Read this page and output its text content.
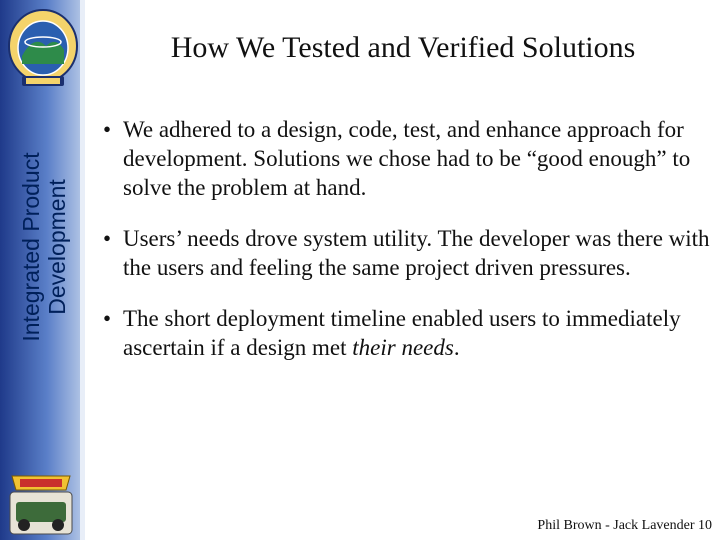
Integrated Product Development
How We Tested and Verified Solutions
• We adhered to a design, code, test, and enhance approach for development. Solutions we chose had to be “good enough” to solve the problem at hand.
• Users’ needs drove system utility. The developer was there with the users and feeling the same project driven pressures.
• The short deployment timeline enabled users to immediately ascertain if a design met their needs.
Phil Brown - Jack Lavender 10
